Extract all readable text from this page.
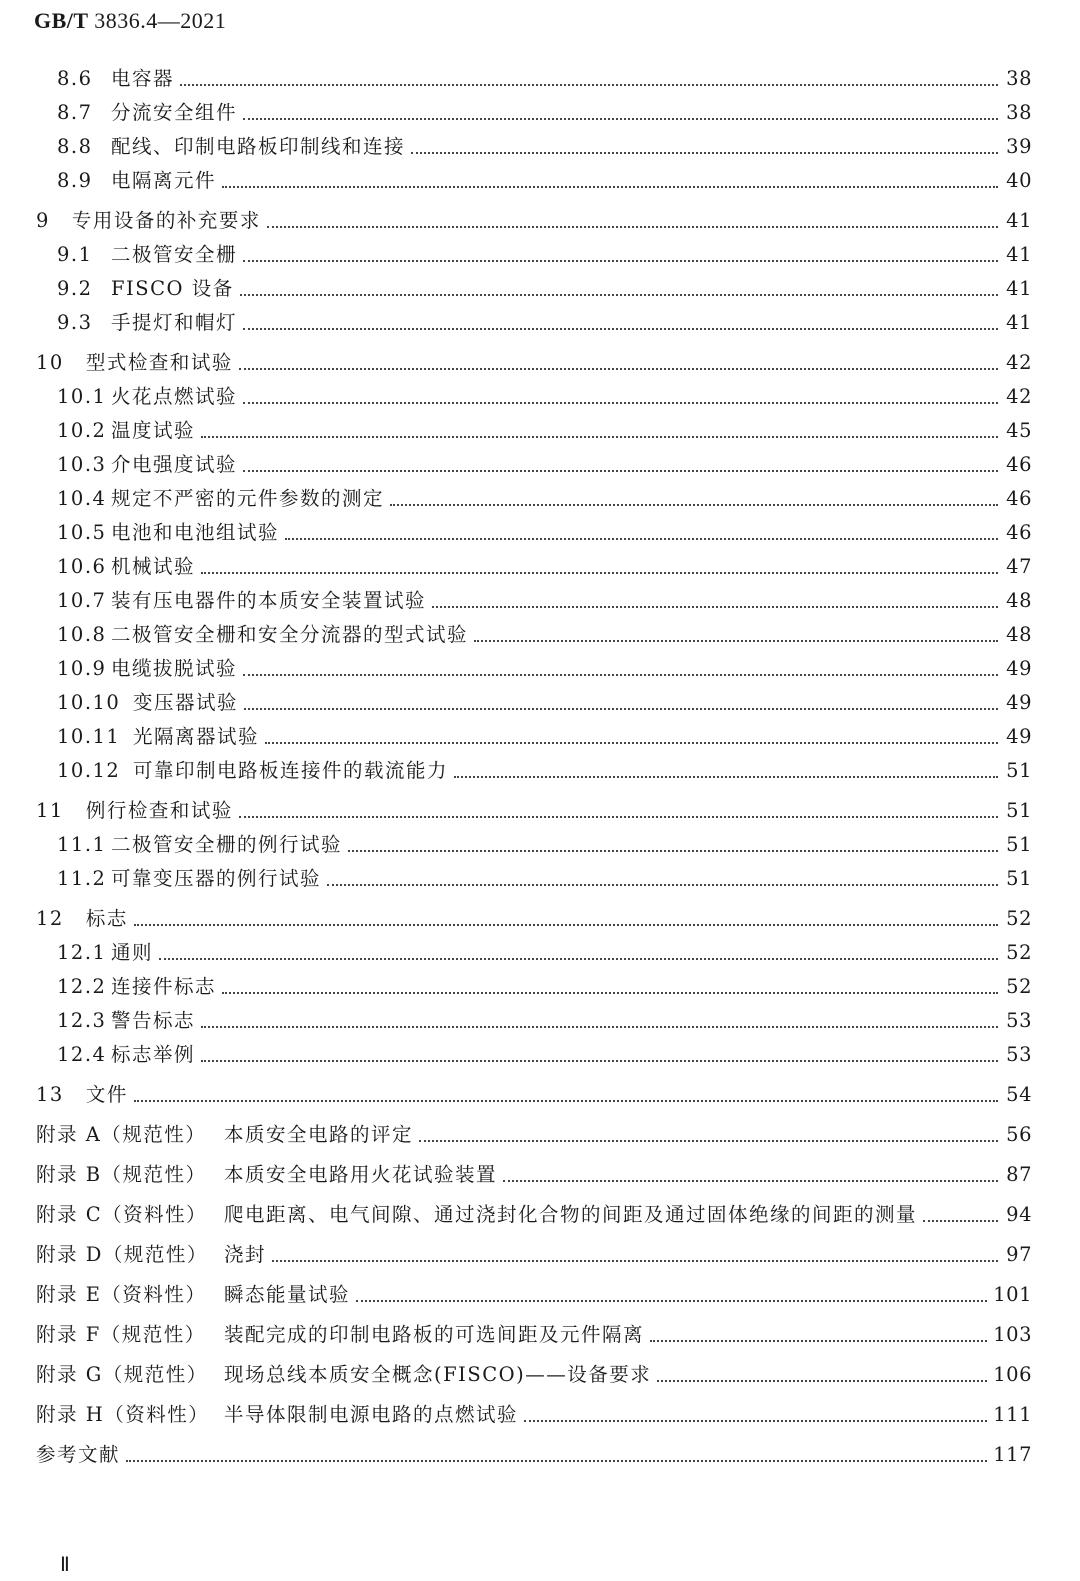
GB/T 3836.4—2021
8.6 电容器	38
8.7 分流安全组件	38
8.8 配线、印制电路板印制线和连接	39
8.9 电隔离元件	40
9 专用设备的补充要求	41
9.1 二极管安全栅	41
9.2 FISCO 设备	41
9.3 手提灯和帽灯	41
10 型式检查和试验	42
10.1 火花点燃试验	42
10.2 温度试验	45
10.3 介电强度试验	46
10.4 规定不严密的元件参数的测定	46
10.5 电池和电池组试验	46
10.6 机械试验	47
10.7 装有压电器件的本质安全装置试验	48
10.8 二极管安全栅和安全分流器的型式试验	48
10.9 电缆拔脱试验	49
10.10 变压器试验	49
10.11 光隔离器试验	49
10.12 可靠印制电路板连接件的载流能力	51
11 例行检查和试验	51
11.1 二极管安全栅的例行试验	51
11.2 可靠变压器的例行试验	51
12 标志	52
12.1 通则	52
12.2 连接件标志	52
12.3 警告标志	53
12.4 标志举例	53
13 文件	54
附录 A（规范性） 本质安全电路的评定	56
附录 B（规范性） 本质安全电路用火花试验装置	87
附录 C（资料性） 爬电距离、电气间隙、通过浇封化合物的间距及通过固体绝缘的间距的测量	94
附录 D（规范性） 浇封	97
附录 E（资料性） 瞬态能量试验	101
附录 F（规范性） 装配完成的印制电路板的可选间距及元件隔离	103
附录 G（规范性） 现场总线本质安全概念(FISCO)——设备要求	106
附录 H（资料性） 半导体限制电源电路的点燃试验	111
参考文献	117
Ⅱ
